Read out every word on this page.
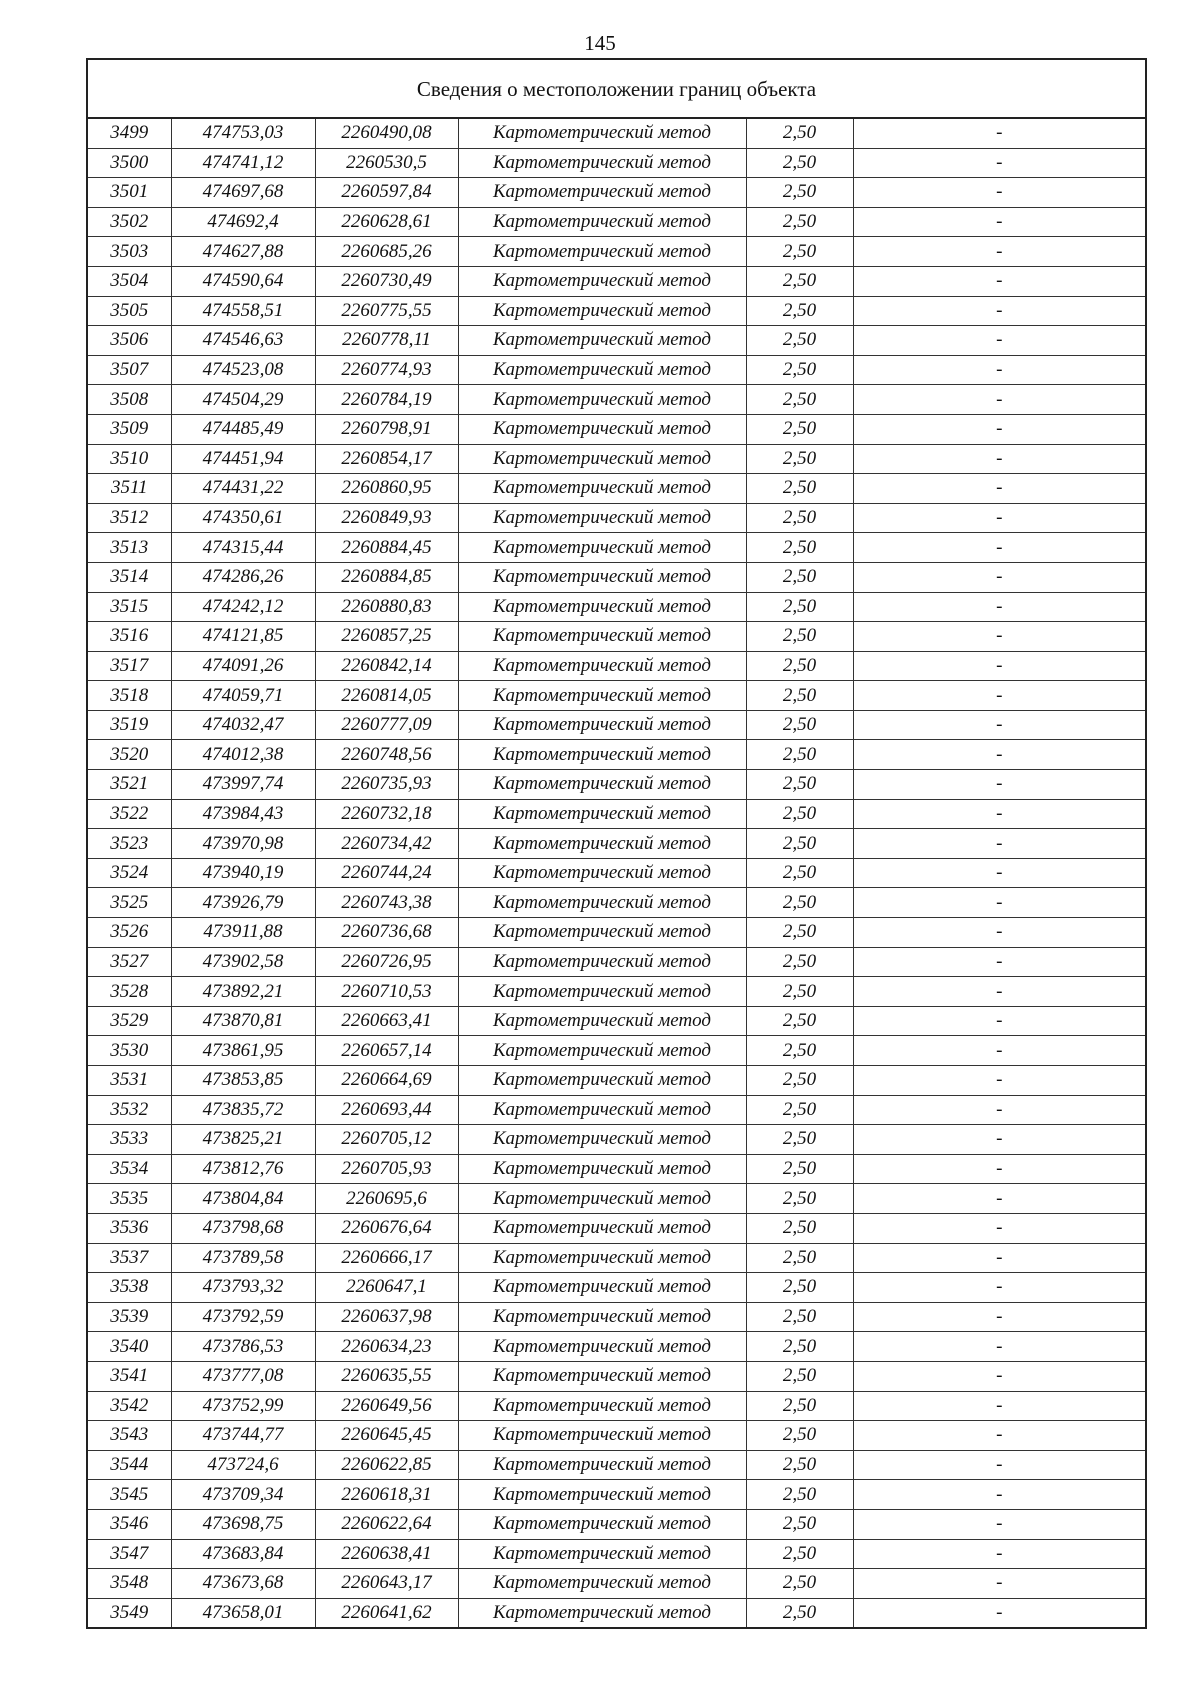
145
Сведения о местоположении границ объекта
3499	474753,03	2260490,08	Картометрический метод	2,50	-
3500	474741,12	2260530,5	Картометрический метод	2,50	-
3501	474697,68	2260597,84	Картометрический метод	2,50	-
3502	474692,4	2260628,61	Картометрический метод	2,50	-
3503	474627,88	2260685,26	Картометрический метод	2,50	-
3504	474590,64	2260730,49	Картометрический метод	2,50	-
3505	474558,51	2260775,55	Картометрический метод	2,50	-
3506	474546,63	2260778,11	Картометрический метод	2,50	-
3507	474523,08	2260774,93	Картометрический метод	2,50	-
3508	474504,29	2260784,19	Картометрический метод	2,50	-
3509	474485,49	2260798,91	Картометрический метод	2,50	-
3510	474451,94	2260854,17	Картометрический метод	2,50	-
3511	474431,22	2260860,95	Картометрический метод	2,50	-
3512	474350,61	2260849,93	Картометрический метод	2,50	-
3513	474315,44	2260884,45	Картометрический метод	2,50	-
3514	474286,26	2260884,85	Картометрический метод	2,50	-
3515	474242,12	2260880,83	Картометрический метод	2,50	-
3516	474121,85	2260857,25	Картометрический метод	2,50	-
3517	474091,26	2260842,14	Картометрический метод	2,50	-
3518	474059,71	2260814,05	Картометрический метод	2,50	-
3519	474032,47	2260777,09	Картометрический метод	2,50	-
3520	474012,38	2260748,56	Картометрический метод	2,50	-
3521	473997,74	2260735,93	Картометрический метод	2,50	-
3522	473984,43	2260732,18	Картометрический метод	2,50	-
3523	473970,98	2260734,42	Картометрический метод	2,50	-
3524	473940,19	2260744,24	Картометрический метод	2,50	-
3525	473926,79	2260743,38	Картометрический метод	2,50	-
3526	473911,88	2260736,68	Картометрический метод	2,50	-
3527	473902,58	2260726,95	Картометрический метод	2,50	-
3528	473892,21	2260710,53	Картометрический метод	2,50	-
3529	473870,81	2260663,41	Картометрический метод	2,50	-
3530	473861,95	2260657,14	Картометрический метод	2,50	-
3531	473853,85	2260664,69	Картометрический метод	2,50	-
3532	473835,72	2260693,44	Картометрический метод	2,50	-
3533	473825,21	2260705,12	Картометрический метод	2,50	-
3534	473812,76	2260705,93	Картометрический метод	2,50	-
3535	473804,84	2260695,6	Картометрический метод	2,50	-
3536	473798,68	2260676,64	Картометрический метод	2,50	-
3537	473789,58	2260666,17	Картометрический метод	2,50	-
3538	473793,32	2260647,1	Картометрический метод	2,50	-
3539	473792,59	2260637,98	Картометрический метод	2,50	-
3540	473786,53	2260634,23	Картометрический метод	2,50	-
3541	473777,08	2260635,55	Картометрический метод	2,50	-
3542	473752,99	2260649,56	Картометрический метод	2,50	-
3543	473744,77	2260645,45	Картометрический метод	2,50	-
3544	473724,6	2260622,85	Картометрический метод	2,50	-
3545	473709,34	2260618,31	Картометрический метод	2,50	-
3546	473698,75	2260622,64	Картометрический метод	2,50	-
3547	473683,84	2260638,41	Картометрический метод	2,50	-
3548	473673,68	2260643,17	Картометрический метод	2,50	-
3549	473658,01	2260641,62	Картометрический метод	2,50	-
